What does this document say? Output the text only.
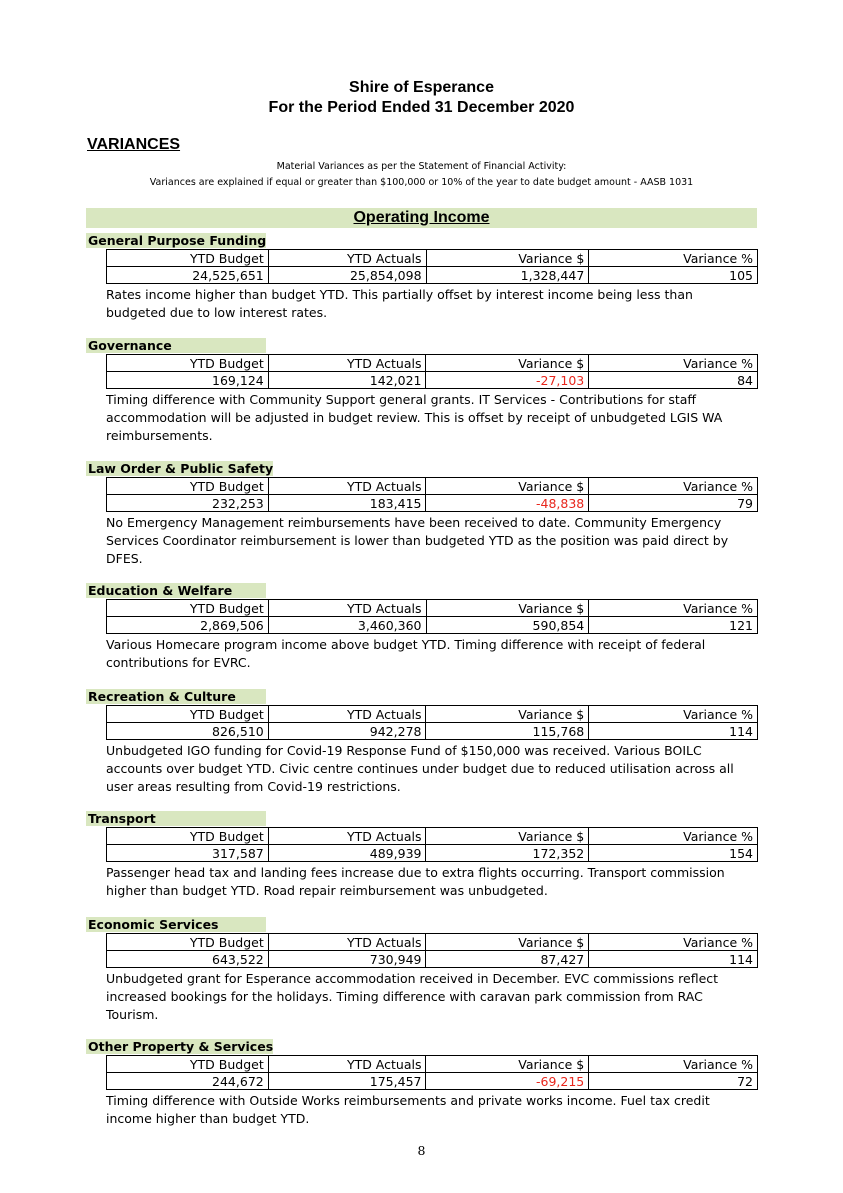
Shire of Esperance
For the Period Ended 31 December 2020
VARIANCES
Material Variances as per the Statement of Financial Activity:
Variances are explained if equal or greater than $100,000 or 10% of the year to date budget amount - AASB 1031
Operating Income
General Purpose Funding
YTD Budget	YTD Actuals	Variance $	Variance %
24,525,651	25,854,098	1,328,447	105
Rates income higher than budget YTD. This partially offset by interest income being less than budgeted due to low interest rates.
Governance
YTD Budget	YTD Actuals	Variance $	Variance %
169,124	142,021	-27,103	84
Timing difference with Community Support general grants. IT Services - Contributions for staff accommodation will be adjusted in budget review. This is offset by receipt of unbudgeted LGIS WA reimbursements.
Law Order & Public Safety
YTD Budget	YTD Actuals	Variance $	Variance %
232,253	183,415	-48,838	79
No Emergency Management reimbursements have been received to date. Community Emergency Services Coordinator reimbursement is lower than budgeted YTD as the position was paid direct by DFES.
Education & Welfare
YTD Budget	YTD Actuals	Variance $	Variance %
2,869,506	3,460,360	590,854	121
Various Homecare program income above budget YTD. Timing difference with receipt of federal contributions for EVRC.
Recreation & Culture
YTD Budget	YTD Actuals	Variance $	Variance %
826,510	942,278	115,768	114
Unbudgeted IGO funding for Covid-19 Response Fund of $150,000 was received. Various BOILC accounts over budget YTD. Civic centre continues under budget due to reduced utilisation across all user areas resulting from Covid-19 restrictions.
Transport
YTD Budget	YTD Actuals	Variance $	Variance %
317,587	489,939	172,352	154
Passenger head tax and landing fees increase due to extra flights occurring. Transport commission higher than budget YTD. Road repair reimbursement was unbudgeted.
Economic Services
YTD Budget	YTD Actuals	Variance $	Variance %
643,522	730,949	87,427	114
Unbudgeted grant for Esperance accommodation received in December. EVC commissions reflect increased bookings for the holidays. Timing difference with caravan park commission from RAC Tourism.
Other Property & Services
YTD Budget	YTD Actuals	Variance $	Variance %
244,672	175,457	-69,215	72
Timing difference with Outside Works reimbursements and private works income. Fuel tax credit income higher than budget YTD.
8
